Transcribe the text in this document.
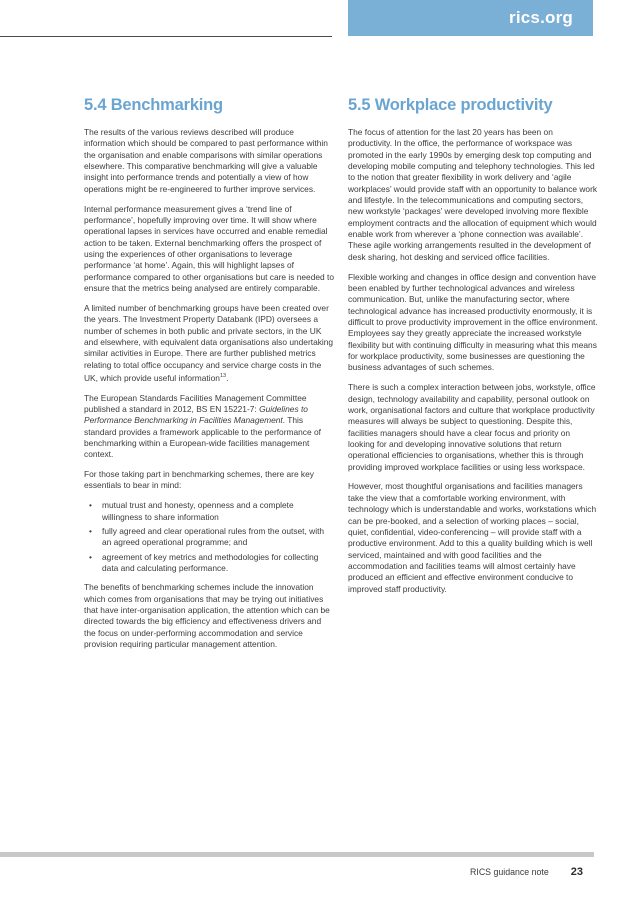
rics.org
5.4 Benchmarking

The results of the various reviews described will produce information which should be compared to past performance within the organisation and enable comparisons with similar operations elsewhere. This comparative benchmarking will give a valuable insight into performance trends and potentially a view of how operations might be re-engineered to further improve services.

Internal performance measurement gives a ‘trend line of performance’, hopefully improving over time. It will show where operational lapses in services have occurred and enable remedial action to be taken. External benchmarking offers the prospect of using the experiences of other organisations to leverage performance ‘at home’. Again, this will highlight lapses of performance compared to other organisations but care is needed to ensure that the metrics being analysed are entirely comparable.

A limited number of benchmarking groups have been created over the years. The Investment Property Databank (IPD) oversees a number of schemes in both public and private sectors, in the UK and elsewhere, with equivalent data organisations also undertaking similar activities in Europe. There are further published metrics relating to total office occupancy and service charge costs in the UK, which provide useful information$^{13}$.

The European Standards Facilities Management Committee published a standard in 2012, BS EN 15221-7: Guidelines to Performance Benchmarking in Facilities Management. This standard provides a framework applicable to the performance of benchmarking within a European-wide facilities management context.

For those taking part in benchmarking schemes, there are key essentials to bear in mind:

• mutual trust and honesty, openness and a complete willingness to share information
• fully agreed and clear operational rules from the outset, with an agreed operational programme; and
• agreement of key metrics and methodologies for collecting data and calculating performance.

The benefits of benchmarking schemes include the innovation which comes from organisations that may be trying out initiatives that have inter-organisation application, the attention which can be directed towards the big efficiency and effectiveness drivers and the focus on under-performing accommodation and service provision requiring particular management attention.

5.5 Workplace productivity

The focus of attention for the last 20 years has been on productivity. In the office, the performance of workspace was promoted in the early 1990s by emerging desk top computing and developing mobile computing and telephony technologies. This led to the notion that greater flexibility in work delivery and ‘agile workplaces’ would provide staff with an opportunity to balance work and lifestyle. In the telecommunications and computing sectors, new workstyle ‘packages’ were developed involving more flexible employment contracts and the allocation of equipment which would enable work from wherever a ‘phone connection was available’. These agile working arrangements resulted in the development of desk sharing, hot desking and serviced office facilities.

Flexible working and changes in office design and convention have been enabled by further technological advances and wireless communication. But, unlike the manufacturing sector, where technological advance has increased productivity enormously, it is difficult to prove productivity improvement in the office environment. Employees say they greatly appreciate the increased workstyle flexibility but with continuing difficulty in measuring what this means for workplace productivity, some businesses are questioning the business advantages of such schemes.

There is such a complex interaction between jobs, workstyle, office design, technology availability and capability, personal outlook on work, organisational factors and culture that workplace productivity measures will always be subject to questioning. Despite this, facilities managers should have a clear focus and priority on looking for and developing innovative solutions that return operational efficiencies to organisations, whether this is through providing improved workplace facilities or using less workspace.

However, most thoughtful organisations and facilities managers take the view that a comfortable working environment, with technology which is understandable and works, workstations which can be pre-booked, and a selection of working places – social, quiet, confidential, video-conferencing – will provide staff with a productive environment. Add to this a quality building which is well serviced, maintained and with good facilities and the accommodation and facilities teams will almost certainly have produced an efficient and effective environment conducive to improved staff productivity.

RICS guidance note 23
